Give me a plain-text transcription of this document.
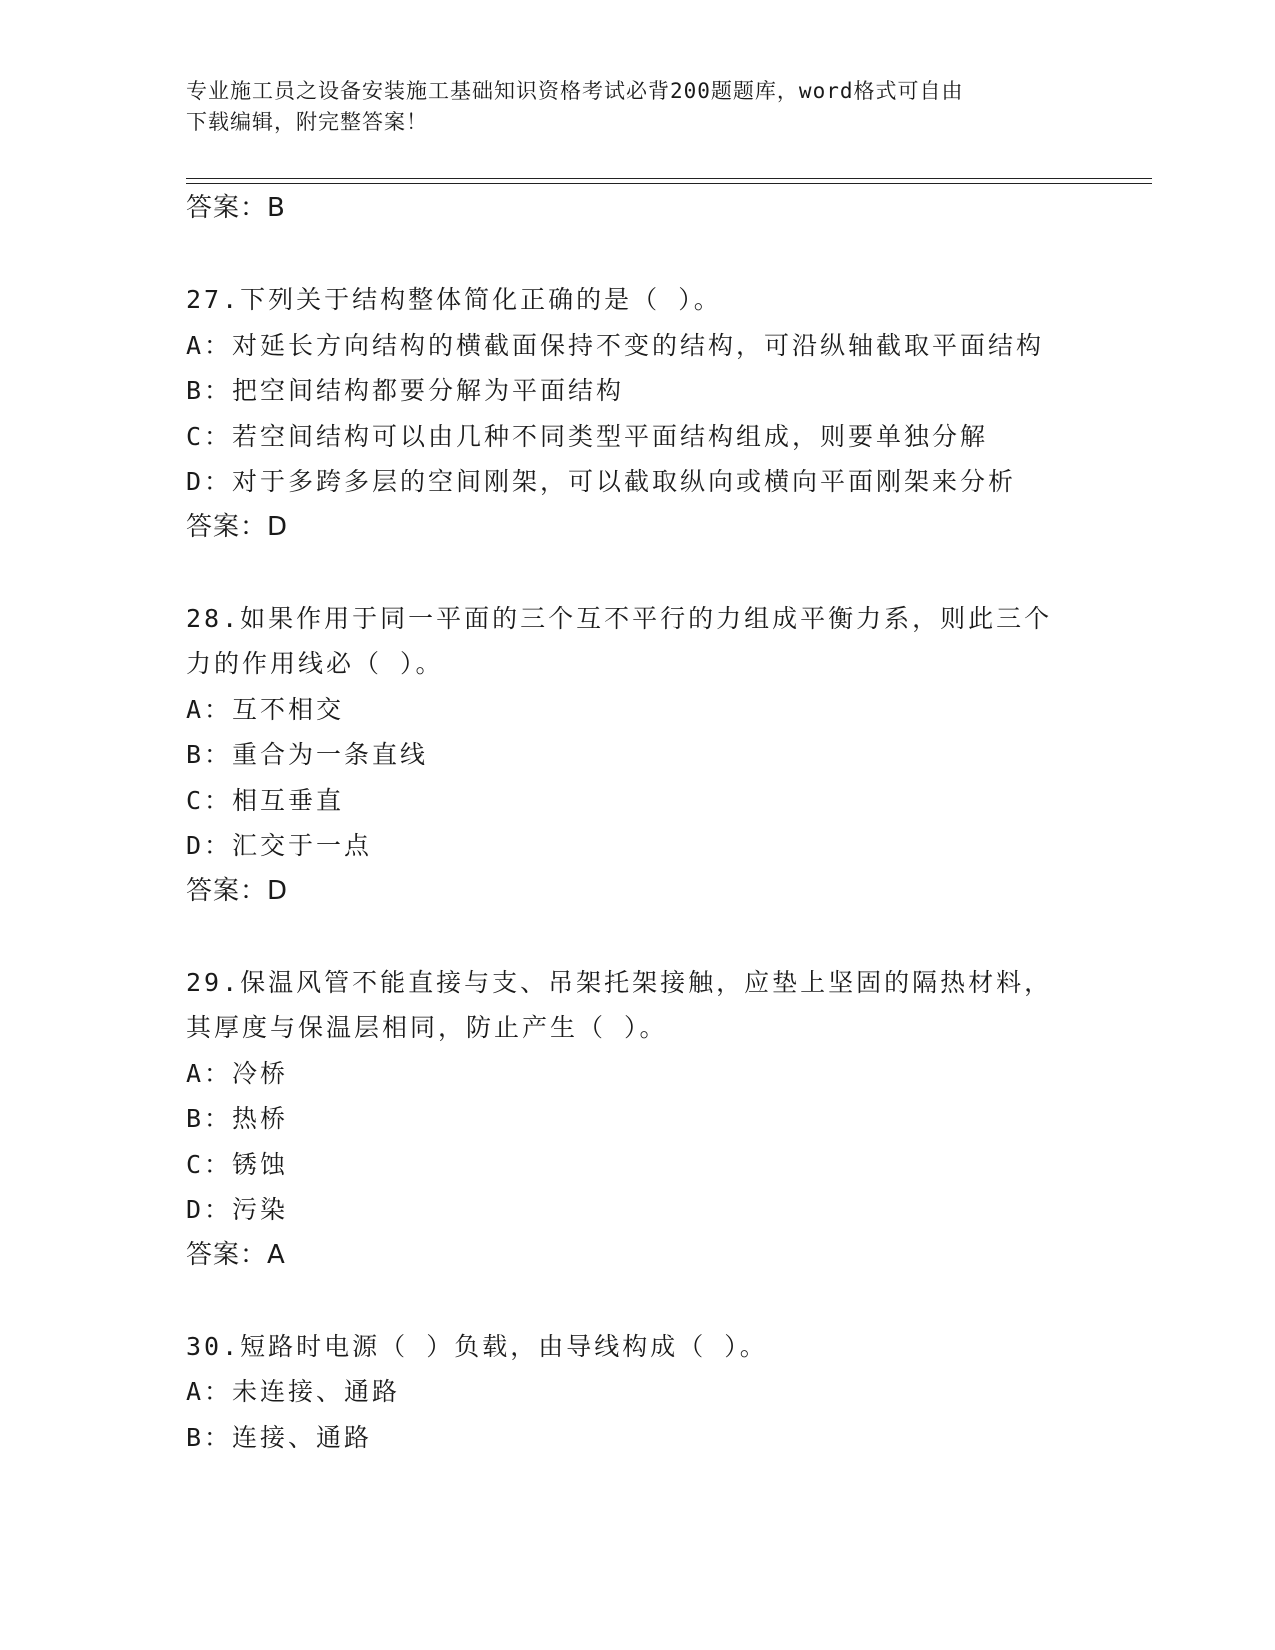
专业施工员之设备安装施工基础知识资格考试必背200题题库，word格式可自由
下载编辑，附完整答案！
答案：B
27.下列关于结构整体简化正确的是（ ）。
A：对延长方向结构的横截面保持不变的结构，可沿纵轴截取平面结构
B：把空间结构都要分解为平面结构
C：若空间结构可以由几种不同类型平面结构组成，则要单独分解
D：对于多跨多层的空间刚架，可以截取纵向或横向平面刚架来分析
答案：D
28.如果作用于同一平面的三个互不平行的力组成平衡力系，则此三个
力的作用线必（ ）。
A：互不相交
B：重合为一条直线
C：相互垂直
D：汇交于一点
答案：D
29.保温风管不能直接与支、吊架托架接触，应垫上坚固的隔热材料，
其厚度与保温层相同，防止产生（ ）。
A：冷桥
B：热桥
C：锈蚀
D：污染
答案：A
30.短路时电源（ ）负载，由导线构成（ ）。
A：未连接、通路
B：连接、通路
